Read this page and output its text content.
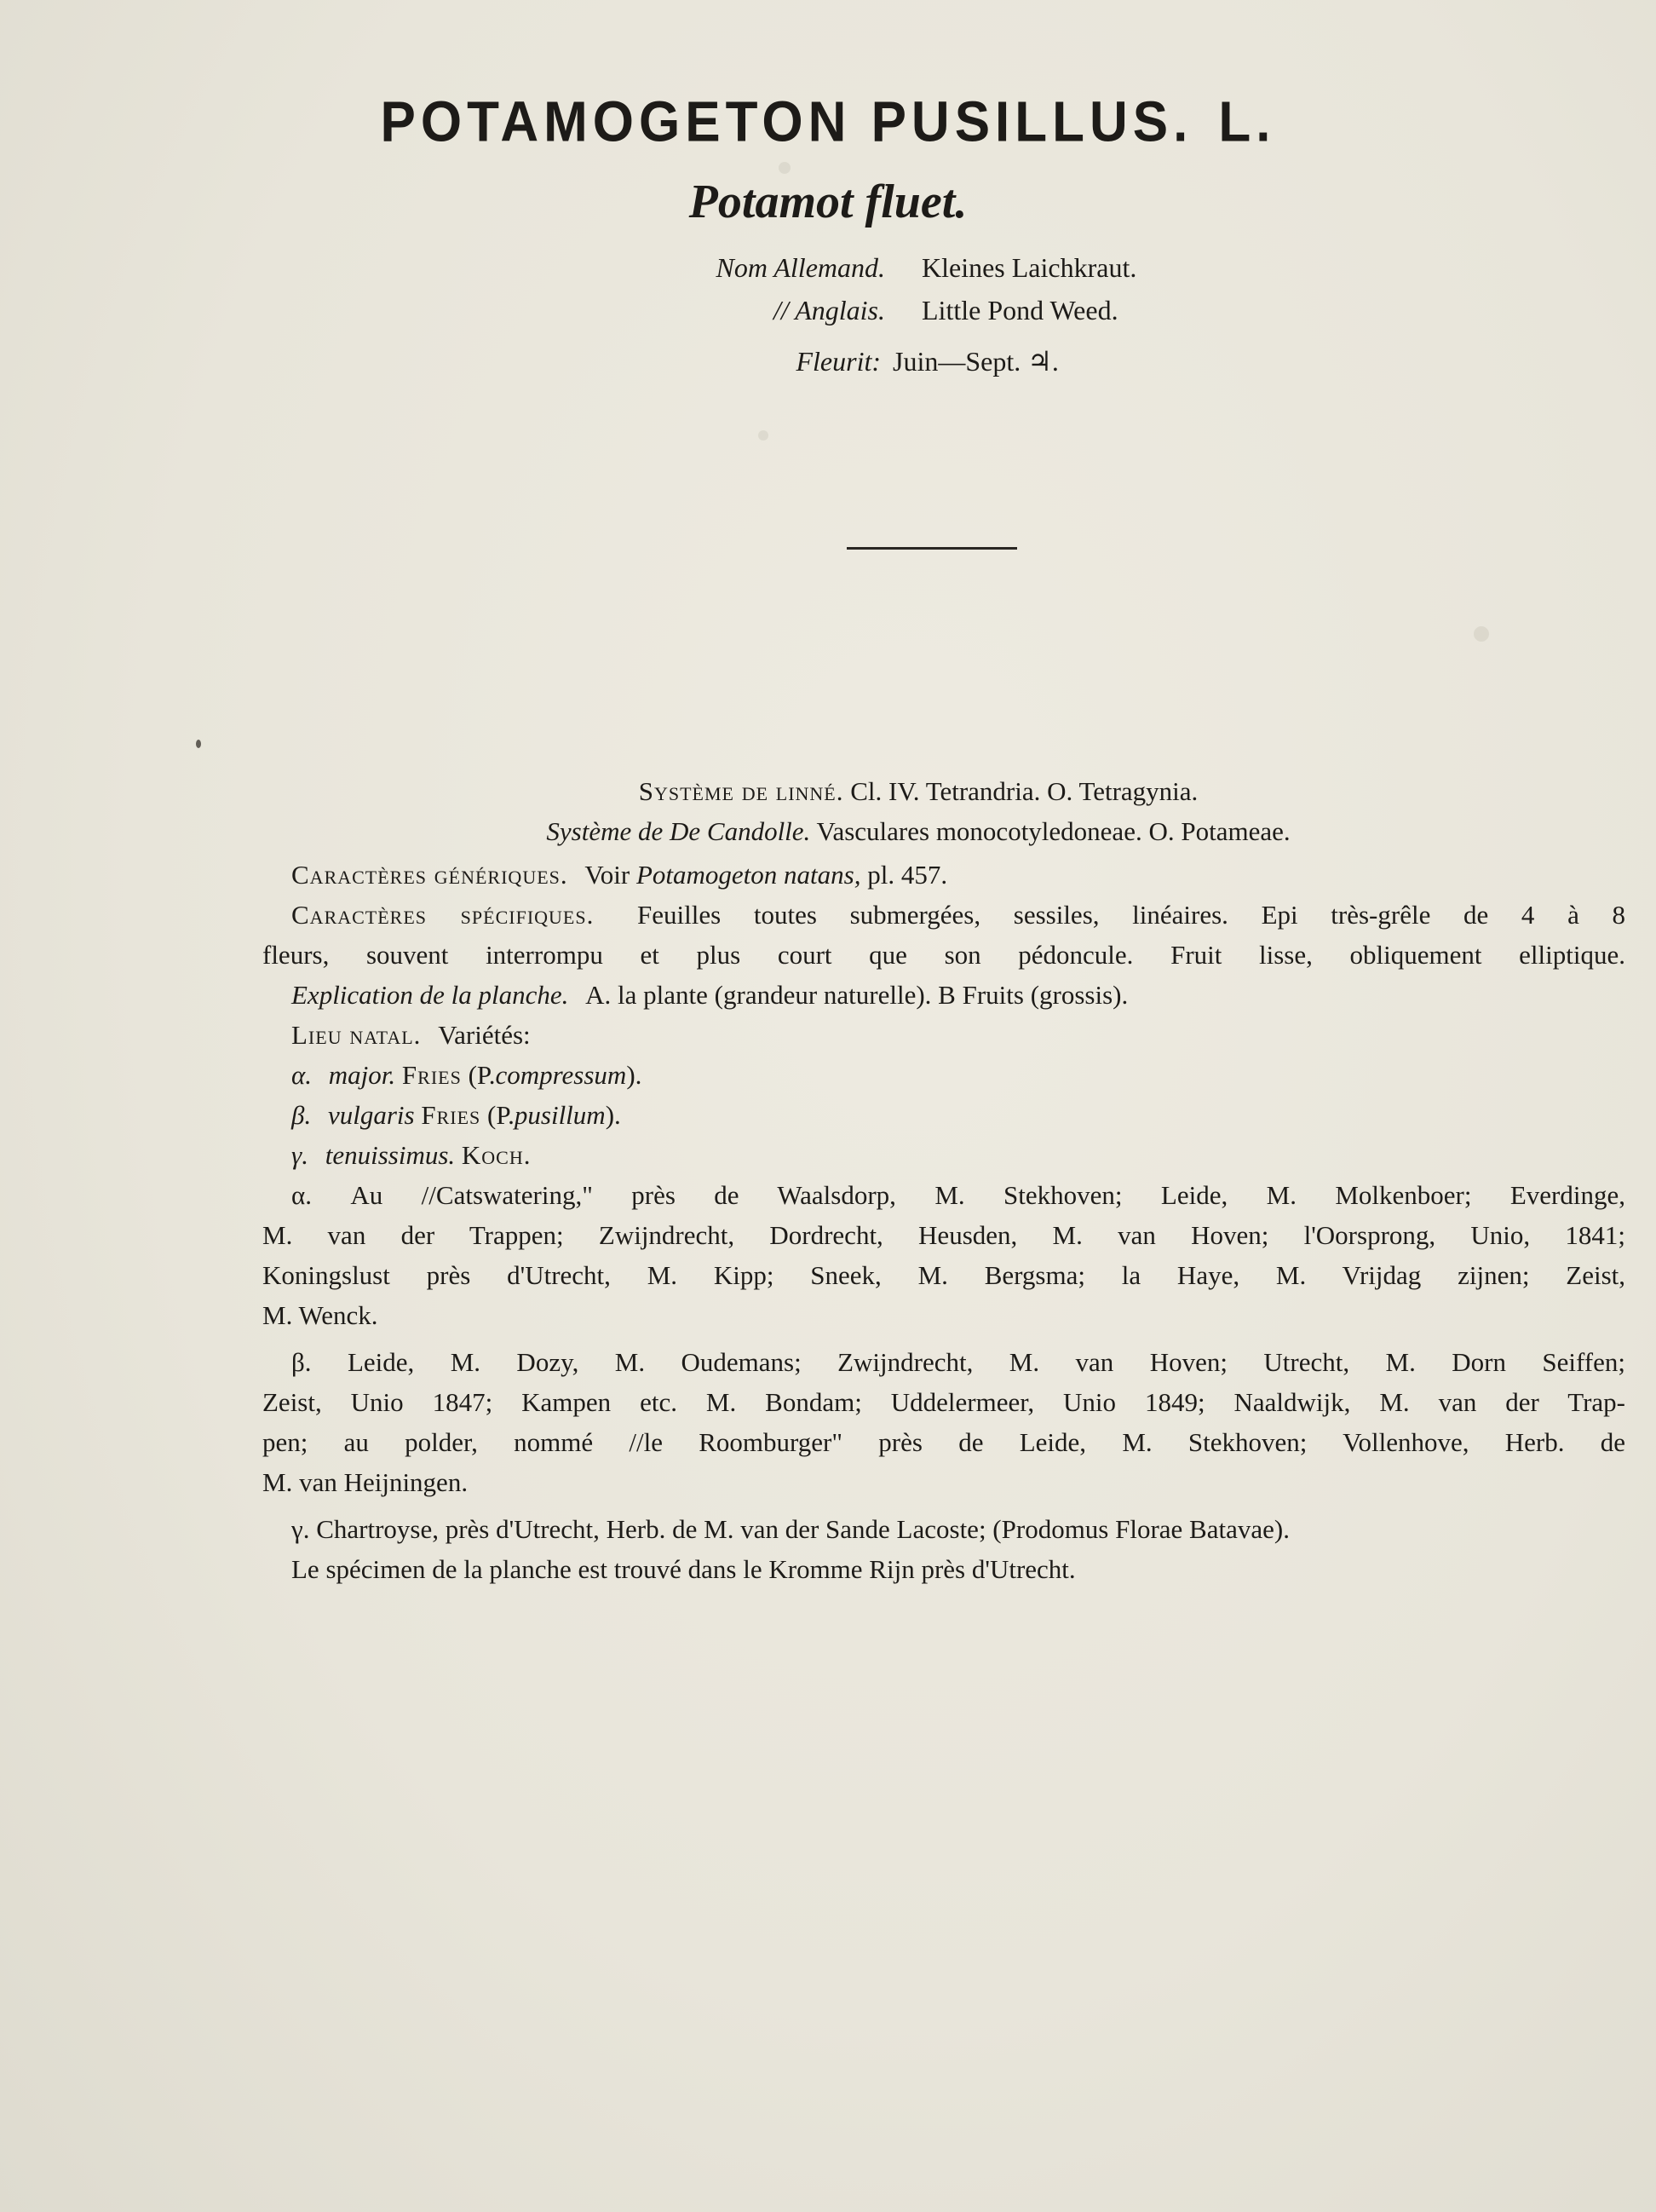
POTAMOGETON PUSILLUS. L.
Potamot fluet.
Nom Allemand. Kleines Laichkraut.
// Anglais. Little Pond Weed.
Fleurit: Juin—Sept. ♃.
Système de linné. Cl. IV. Tetrandria. O. Tetragynia.
Système de De Candolle. Vasculares monocotyledoneae. O. Potameae.
Caractères génériques. Voir Potamogeton natans, pl. 457.
Caractères spécifiques. Feuilles toutes submergées, sessiles, linéaires. Epi très-grêle de 4 à 8
fleurs, souvent interrompu et plus court que son pédoncule. Fruit lisse, obliquement elliptique.
Explication de la planche. A. la plante (grandeur naturelle). B Fruits (grossis).
Lieu natal. Variétés:
α. major. Fries (P.compressum).
β. vulgaris Fries (P.pusillum).
γ. tenuissimus. Koch.
α. Au //Catswatering," près de Waalsdorp, M. Stekhoven; Leide, M. Molkenboer; Everdinge,
M. van der Trappen; Zwijndrecht, Dordrecht, Heusden, M. van Hoven; l'Oorsprong, Unio, 1841;
Koningslust près d'Utrecht, M. Kipp; Sneek, M. Bergsma; la Haye, M. Vrijdag zijnen; Zeist,
M. Wenck.
β. Leide, M. Dozy, M. Oudemans; Zwijndrecht, M. van Hoven; Utrecht, M. Dorn Seiffen;
Zeist, Unio 1847; Kampen etc. M. Bondam; Uddelermeer, Unio 1849; Naaldwijk, M. van der Trap-
pen; au polder, nommé //le Roomburger" près de Leide, M. Stekhoven; Vollenhove, Herb. de
M. van Heijningen.
γ. Chartroyse, près d'Utrecht, Herb. de M. van der Sande Lacoste; (Prodomus Florae Batavae).
Le spécimen de la planche est trouvé dans le Kromme Rijn près d'Utrecht.
